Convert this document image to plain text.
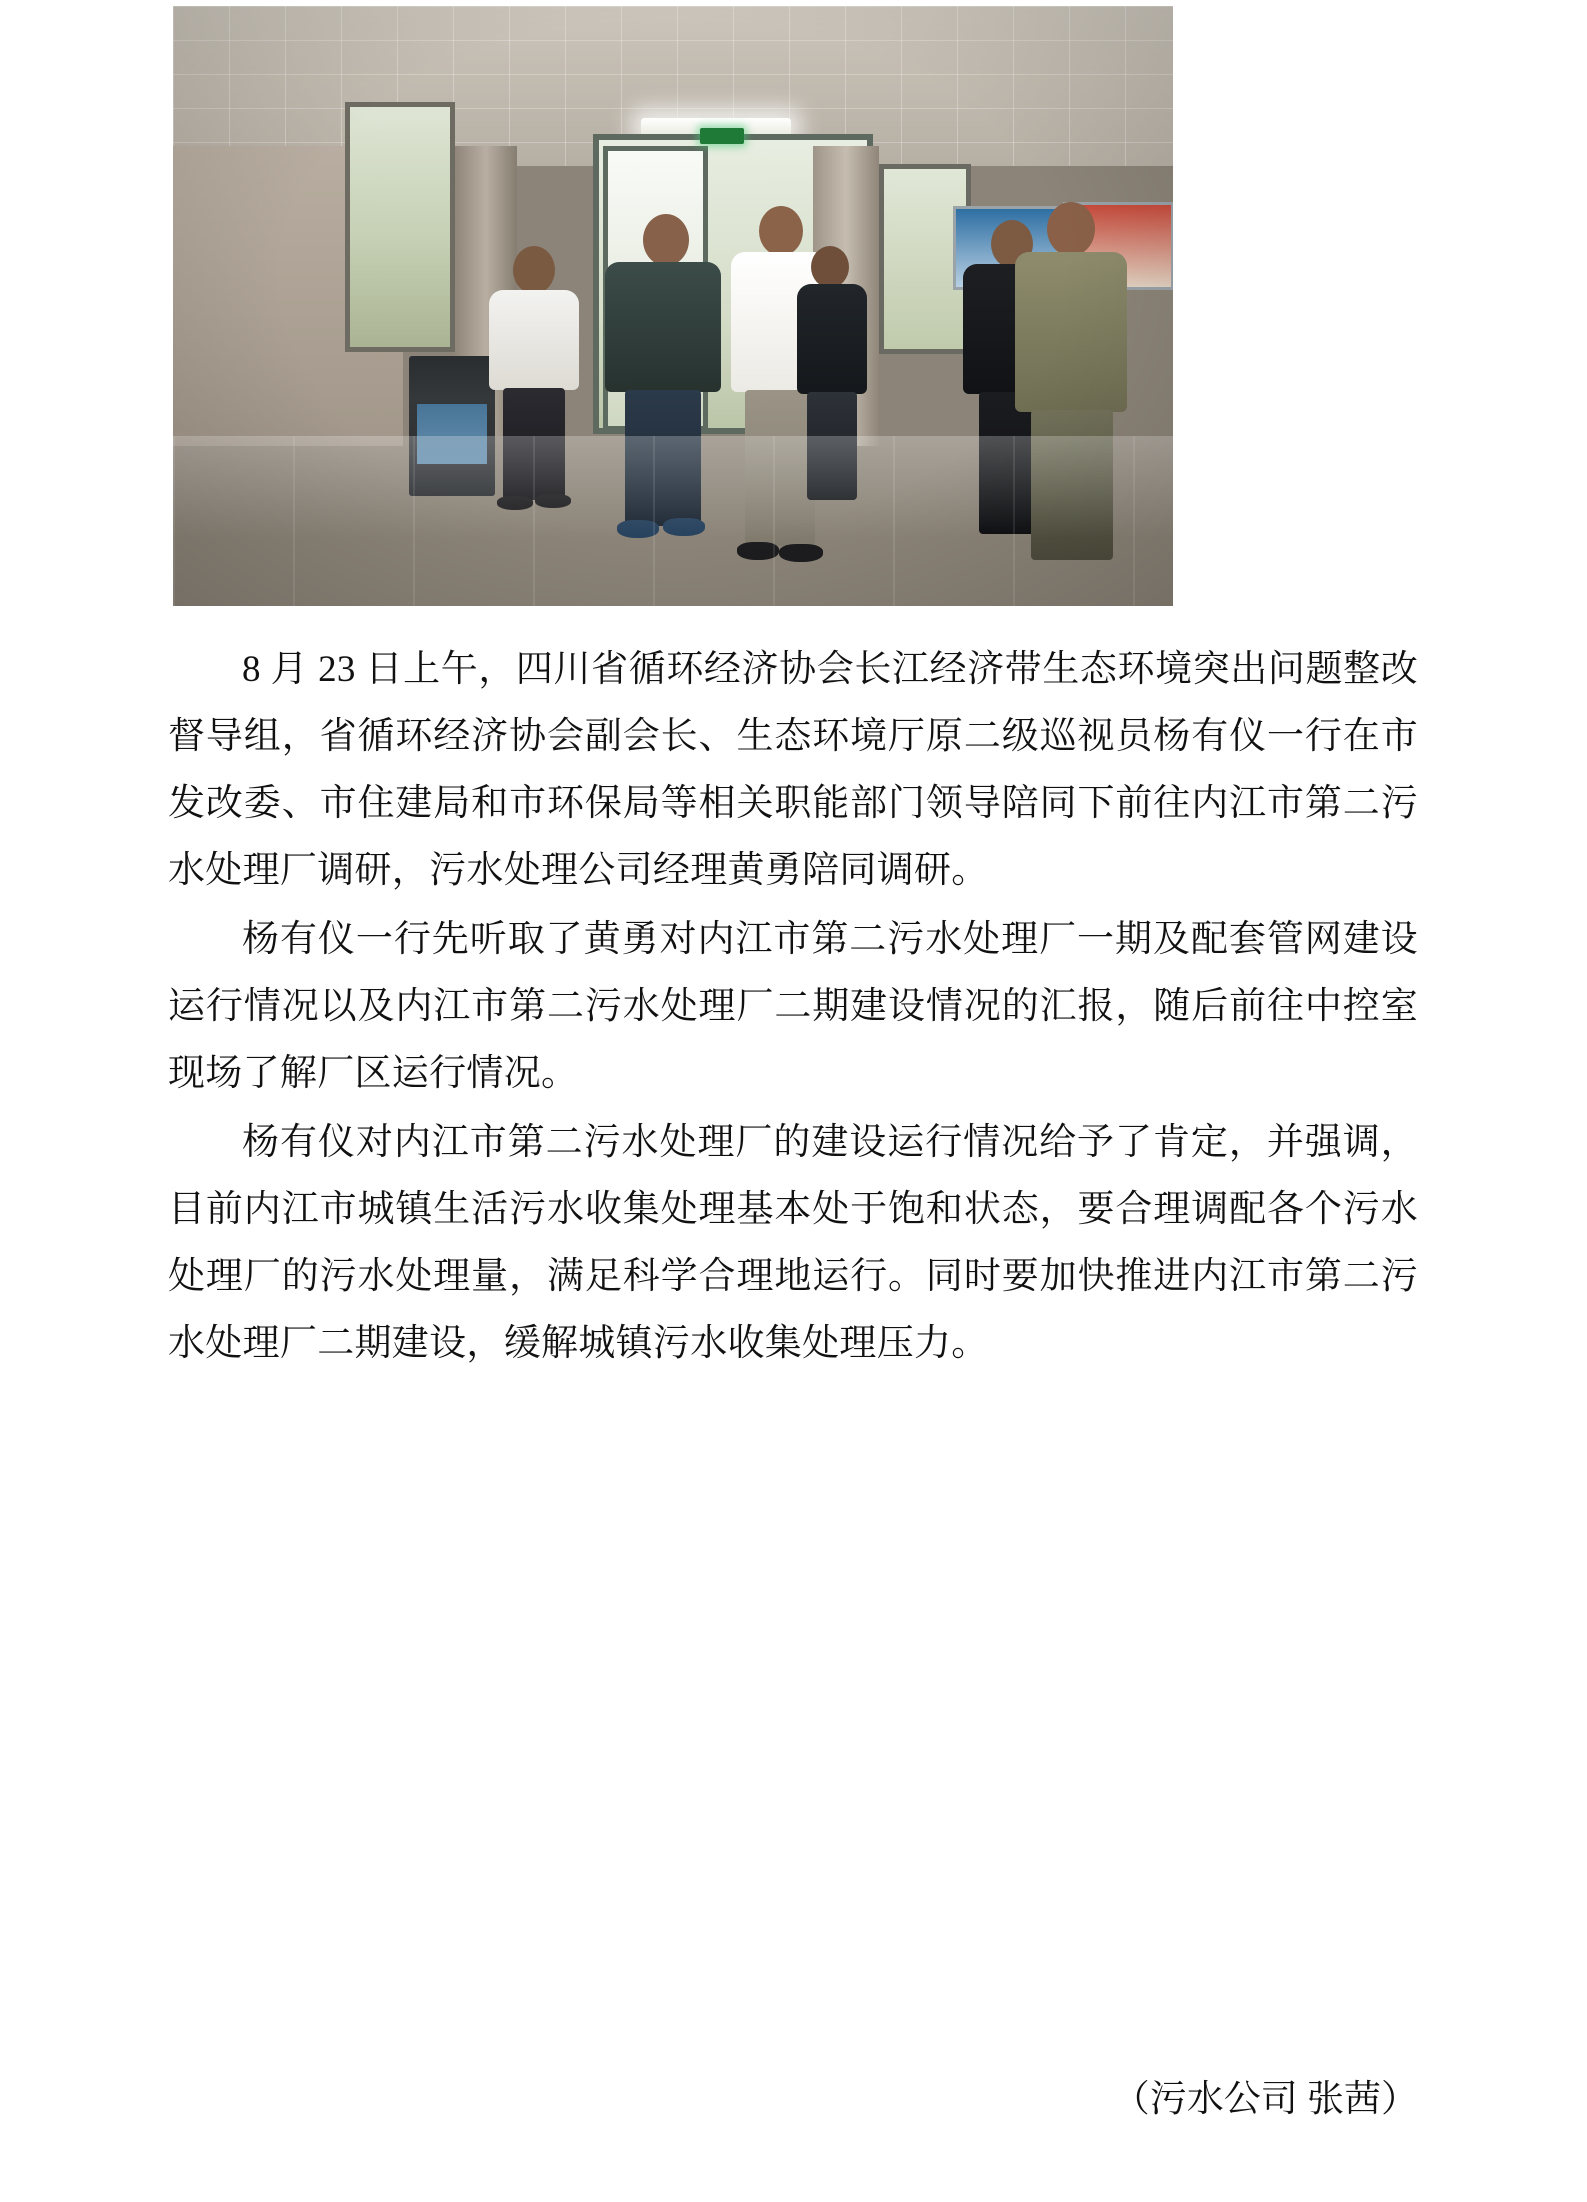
8 月 23 日上午，四川省循环经济协会长江经济带生态环境突出问题整改督导组，省循环经济协会副会长、生态环境厅原二级巡视员杨有仪一行在市发改委、市住建局和市环保局等相关职能部门领导陪同下前往内江市第二污水处理厂调研，污水处理公司经理黄勇陪同调研。

杨有仪一行先听取了黄勇对内江市第二污水处理厂一期及配套管网建设运行情况以及内江市第二污水处理厂二期建设情况的汇报，随后前往中控室现场了解厂区运行情况。

杨有仪对内江市第二污水处理厂的建设运行情况给予了肯定，并强调，目前内江市城镇生活污水收集处理基本处于饱和状态，要合理调配各个污水处理厂的污水处理量，满足科学合理地运行。同时要加快推进内江市第二污水处理厂二期建设，缓解城镇污水收集处理压力。

（污水公司 张茜）
